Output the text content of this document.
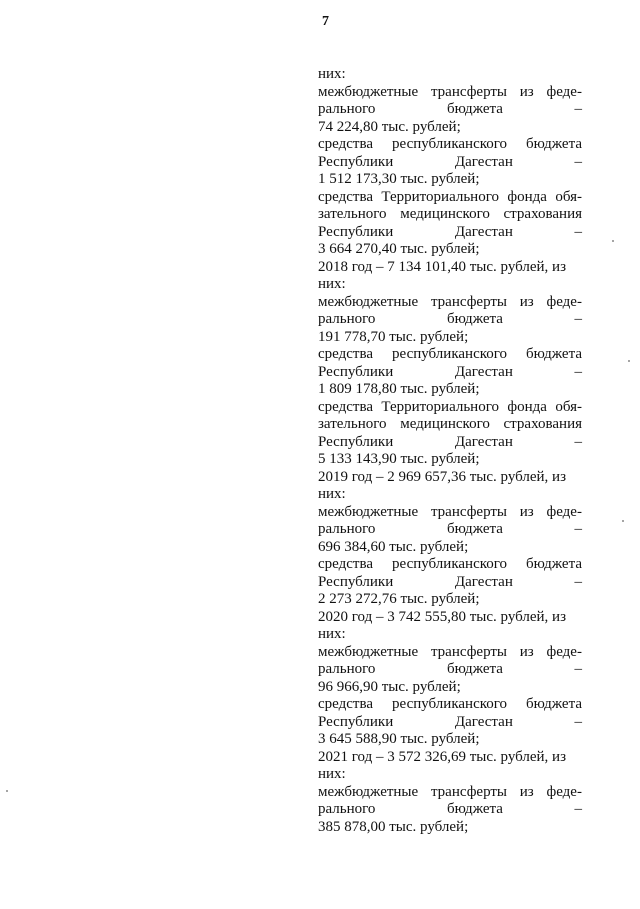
7
них:
межбюджетные трансферты из феде-
рального	бюджета	–
74 224,80 тыс. рублей;
средства республиканского бюджета
Республики	Дагестан	–
1 512 173,30 тыс. рублей;
средства Территориального фонда обя-
зательного медицинского страхования
Республики	Дагестан	–
3 664 270,40 тыс. рублей;
2018 год – 7 134 101,40 тыс. рублей, из
них:
межбюджетные трансферты из феде-
рального	бюджета	–
191 778,70 тыс. рублей;
средства республиканского бюджета
Республики	Дагестан	–
1 809 178,80 тыс. рублей;
средства Территориального фонда обя-
зательного медицинского страхования
Республики	Дагестан	–
5 133 143,90 тыс. рублей;
2019 год – 2 969 657,36 тыс. рублей, из
них:
межбюджетные трансферты из феде-
рального	бюджета	–
696 384,60 тыс. рублей;
средства республиканского бюджета
Республики	Дагестан	–
2 273 272,76 тыс. рублей;
2020 год – 3 742 555,80 тыс. рублей, из
них:
межбюджетные трансферты из феде-
рального	бюджета	–
96 966,90 тыс. рублей;
средства республиканского бюджета
Республики	Дагестан	–
3 645 588,90 тыс. рублей;
2021 год – 3 572 326,69 тыс. рублей, из
них:
межбюджетные трансферты из феде-
рального	бюджета	–
385 878,00 тыс. рублей;
